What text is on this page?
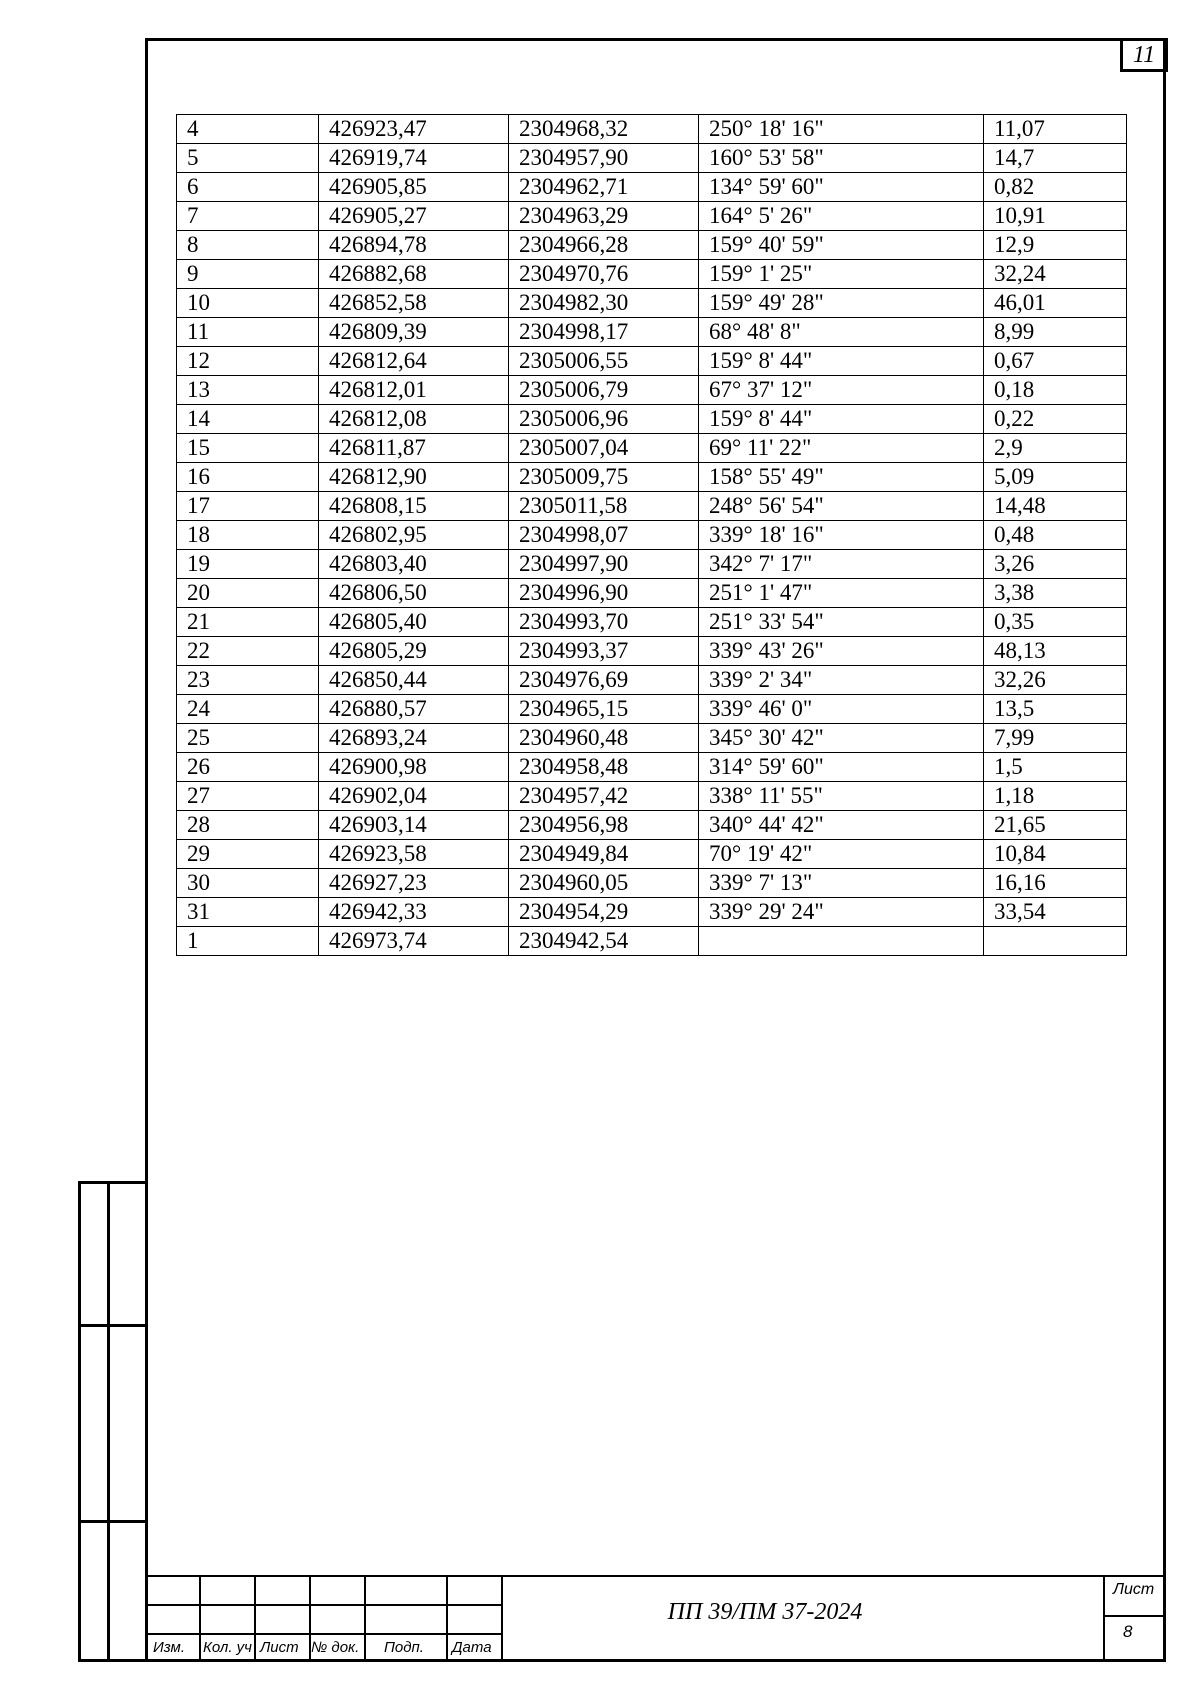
11
4	426923,47	2304968,32	250° 18' 16"	11,07
5	426919,74	2304957,90	160° 53' 58"	14,7
6	426905,85	2304962,71	134° 59' 60"	0,82
7	426905,27	2304963,29	164° 5' 26"	10,91
8	426894,78	2304966,28	159° 40' 59"	12,9
9	426882,68	2304970,76	159° 1' 25"	32,24
10	426852,58	2304982,30	159° 49' 28"	46,01
11	426809,39	2304998,17	68° 48' 8"	8,99
12	426812,64	2305006,55	159° 8' 44"	0,67
13	426812,01	2305006,79	67° 37' 12"	0,18
14	426812,08	2305006,96	159° 8' 44"	0,22
15	426811,87	2305007,04	69° 11' 22"	2,9
16	426812,90	2305009,75	158° 55' 49"	5,09
17	426808,15	2305011,58	248° 56' 54"	14,48
18	426802,95	2304998,07	339° 18' 16"	0,48
19	426803,40	2304997,90	342° 7' 17"	3,26
20	426806,50	2304996,90	251° 1' 47"	3,38
21	426805,40	2304993,70	251° 33' 54"	0,35
22	426805,29	2304993,37	339° 43' 26"	48,13
23	426850,44	2304976,69	339° 2' 34"	32,26
24	426880,57	2304965,15	339° 46' 0"	13,5
25	426893,24	2304960,48	345° 30' 42"	7,99
26	426900,98	2304958,48	314° 59' 60"	1,5
27	426902,04	2304957,42	338° 11' 55"	1,18
28	426903,14	2304956,98	340° 44' 42"	21,65
29	426923,58	2304949,84	70° 19' 42"	10,84
30	426927,23	2304960,05	339° 7' 13"	16,16
31	426942,33	2304954,29	339° 29' 24"	33,54
1	426973,74	2304942,54		
Изм. Кол. уч Лист № док. Подп. Дата
ПП 39/ПМ 37-2024
Лист
8
